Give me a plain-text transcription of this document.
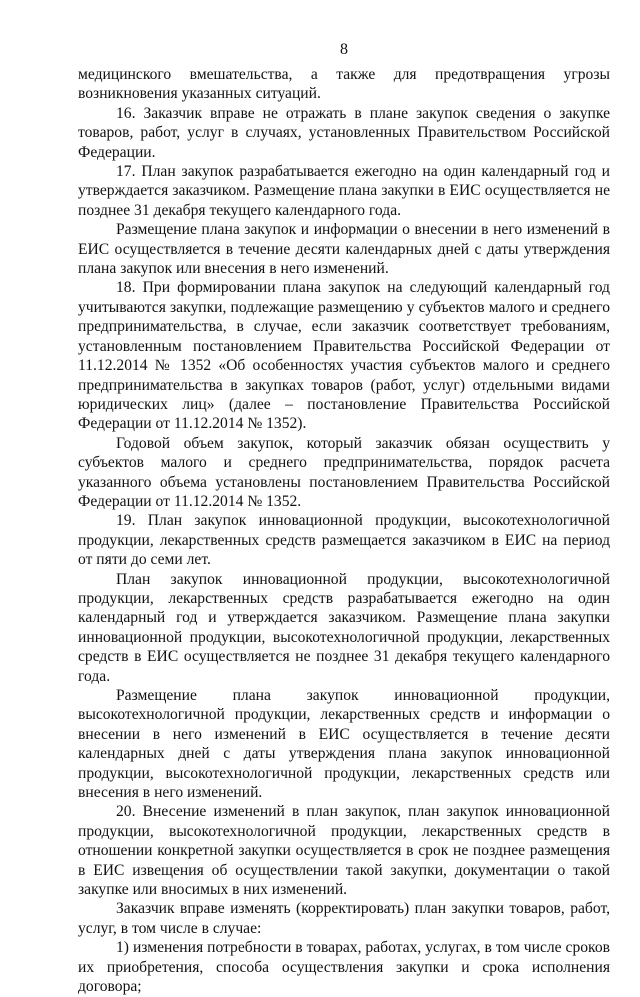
8

медицинского вмешательства, а также для предотвращения угрозы возникновения указанных ситуаций.

16. Заказчик вправе не отражать в плане закупок сведения о закупке товаров, работ, услуг в случаях, установленных Правительством Российской Федерации.

17. План закупок разрабатывается ежегодно на один календарный год и утверждается заказчиком. Размещение плана закупки в ЕИС осуществляется не позднее 31 декабря текущего календарного года.

Размещение плана закупок и информации о внесении в него изменений в ЕИС осуществляется в течение десяти календарных дней с даты утверждения плана закупок или внесения в него изменений.

18. При формировании плана закупок на следующий календарный год учитываются закупки, подлежащие размещению у субъектов малого и среднего предпринимательства, в случае, если заказчик соответствует требованиям, установленным постановлением Правительства Российской Федерации от 11.12.2014 № 1352 «Об особенностях участия субъектов малого и среднего предпринимательства в закупках товаров (работ, услуг) отдельными видами юридических лиц» (далее – постановление Правительства Российской Федерации от 11.12.2014 № 1352).

Годовой объем закупок, который заказчик обязан осуществить у субъектов малого и среднего предпринимательства, порядок расчета указанного объема установлены постановлением Правительства Российской Федерации от 11.12.2014 № 1352.

19. План закупок инновационной продукции, высокотехнологичной продукции, лекарственных средств размещается заказчиком в ЕИС на период от пяти до семи лет.

План закупок инновационной продукции, высокотехнологичной продукции, лекарственных средств разрабатывается ежегодно на один календарный год и утверждается заказчиком. Размещение плана закупки инновационной продукции, высокотехнологичной продукции, лекарственных средств в ЕИС осуществляется не позднее 31 декабря текущего календарного года.

Размещение плана закупок инновационной продукции, высокотехнологичной продукции, лекарственных средств и информации о внесении в него изменений в ЕИС осуществляется в течение десяти календарных дней с даты утверждения плана закупок инновационной продукции, высокотехнологичной продукции, лекарственных средств или внесения в него изменений.

20. Внесение изменений в план закупок, план закупок инновационной продукции, высокотехнологичной продукции, лекарственных средств в отношении конкретной закупки осуществляется в срок не позднее размещения в ЕИС извещения об осуществлении такой закупки, документации о такой закупке или вносимых в них изменений.

Заказчик вправе изменять (корректировать) план закупки товаров, работ, услуг, в том числе в случае:

1) изменения потребности в товарах, работах, услугах, в том числе сроков их приобретения, способа осуществления закупки и срока исполнения договора;
